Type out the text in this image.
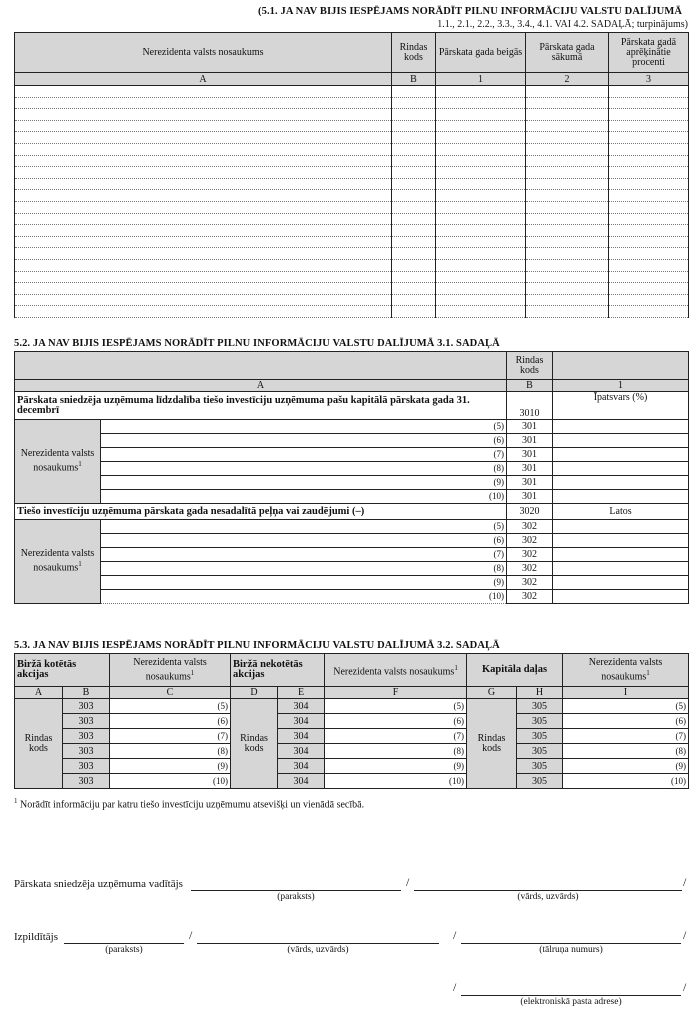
(5.1. JA NAV BIJIS IESPĒJAMS NORĀDĪT PILNU INFORMĀCIJU VALSTU DALĪJUMĀ
1.1., 2.1., 2.2., 3.3., 3.4., 4.1. VAI 4.2. SADAĻĀ; turpinājums)
Nerezidenta valsts nosaukums	Rindas kods	Pārskata gada beigās	Pārskata gada sākumā	Pārskata gadā aprēķinātie procenti
A	B	1	2	3

5.2. JA NAV BIJIS IESPĒJAMS NORĀDĪT PILNU INFORMĀCIJU VALSTU DALĪJUMĀ 3.1. SADAĻĀ
		Rindas kods	
A		B	1
Pārskata sniedzēja uzņēmuma līdzdalība tiešo investīciju uzņēmuma pašu kapitālā pārskata gada 31. decembrī		3010	Īpatsvars (%)
Nerezidenta valsts nosaukums$^1$	(5)	301	
	(6)	301	
	(7)	301	
	(8)	301	
	(9)	301	
	(10)	301	
Tiešo investīciju uzņēmuma pārskata gada nesadalītā peļņa vai zaudējumi (–)		3020	Latos
Nerezidenta valsts nosaukums$^1$	(5)	302	
	(6)	302	
	(7)	302	
	(8)	302	
	(9)	302	
	(10)	302	
5.3. JA NAV BIJIS IESPĒJAMS NORĀDĪT PILNU INFORMĀCIJU VALSTU DALĪJUMĀ 3.2. SADAĻĀ
Biržā kotētās akcijas		Nerezidenta valsts nosaukums$^1$	Biržā nekotētās akcijas		Nerezidenta valsts nosaukums$^1$	Kapitāla daļas		Nerezidenta valsts nosaukums$^1$
A	B	C	D	E	F	G	H	I
Rindas kods	303	(5)	Rindas kods	304	(5)	Rindas kods	305	(5)
	303	(6)		304	(6)		305	(6)
	303	(7)		304	(7)		305	(7)
	303	(8)		304	(8)		305	(8)
	303	(9)		304	(9)		305	(9)
	303	(10)		304	(10)		305	(10)
$^1$ Norādīt informāciju par katru tiešo investīciju uzņēmumu atsevišķi un vienādā secībā.
Pārskata sniedzēja uzņēmuma vadītājs	/	/
(paraksts)	(vārds, uzvārds)
Izpildītājs	/	/	/
(paraksts)	(vārds, uzvārds)	(tālruņa numurs)
/	/
(elektroniskā pasta adrese)
